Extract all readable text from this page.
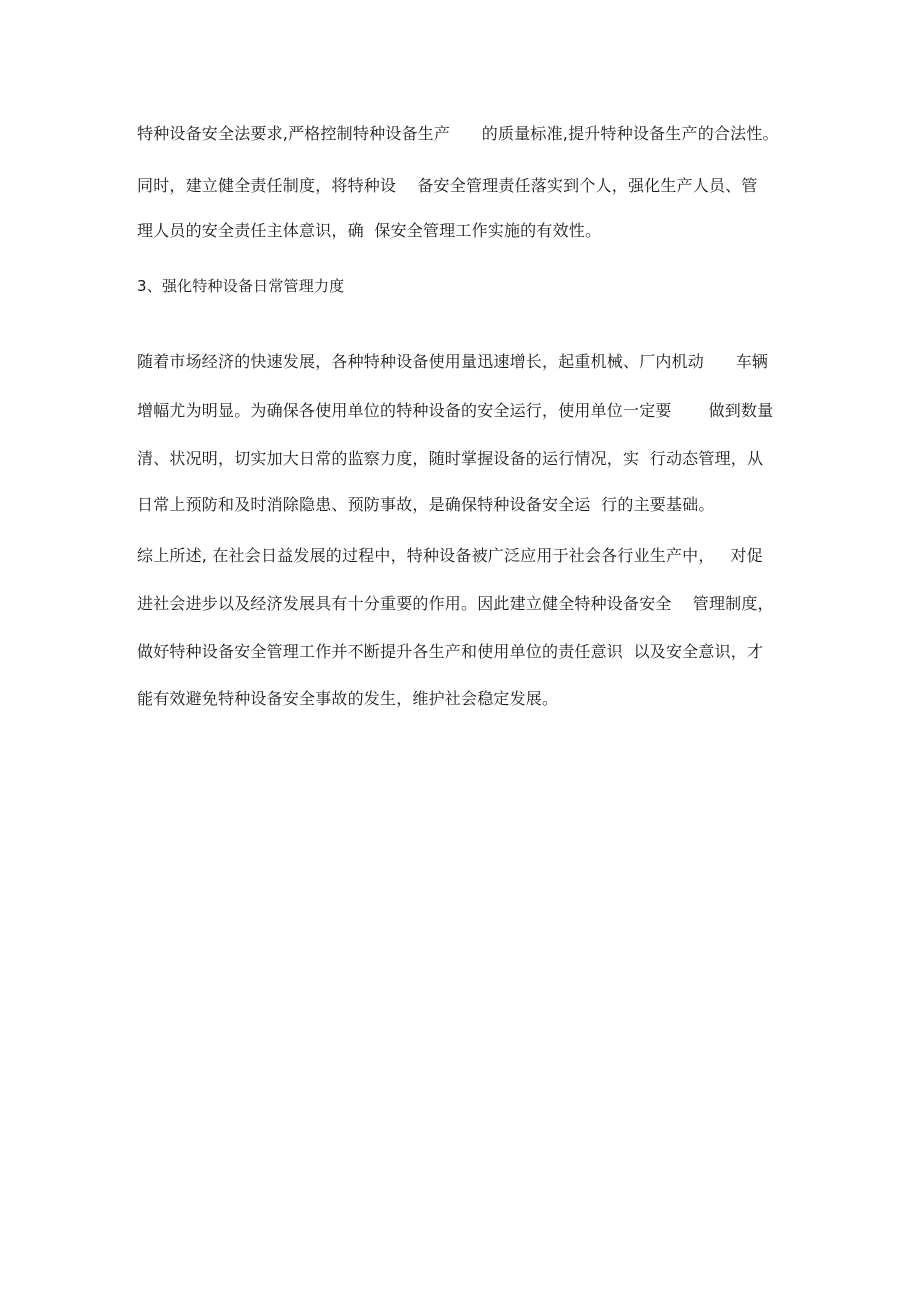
特种设备安全法要求,严格控制特种设备生产      的质量标准,提升特种设备生产的合法性。
同时，建立健全责任制度，将特种设    备安全管理责任落实到个人，强化生产人员、管
理人员的安全责任主体意识，确  保安全管理工作实施的有效性。
3、强化特种设备日常管理力度
随着市场经济的快速发展，各种特种设备使用量迅速增长，起重机械、厂内机动      车辆
增幅尤为明显。为确保各使用单位的特种设备的安全运行，使用单位一定要       做到数量
清、状况明，切实加大日常的监察力度，随时掌握设备的运行情况，实  行动态管理，从
日常上预防和及时消除隐患、预防事故，是确保特种设备安全运  行的主要基础。
综上所述, 在社会日益发展的过程中，特种设备被广泛应用于社会各行业生产中，   对促
进社会进步以及经济发展具有十分重要的作用。因此建立健全特种设备安全    管理制度，
做好特种设备安全管理工作并不断提升各生产和使用单位的责任意识  以及安全意识，才
能有效避免特种设备安全事故的发生，维护社会稳定发展。
